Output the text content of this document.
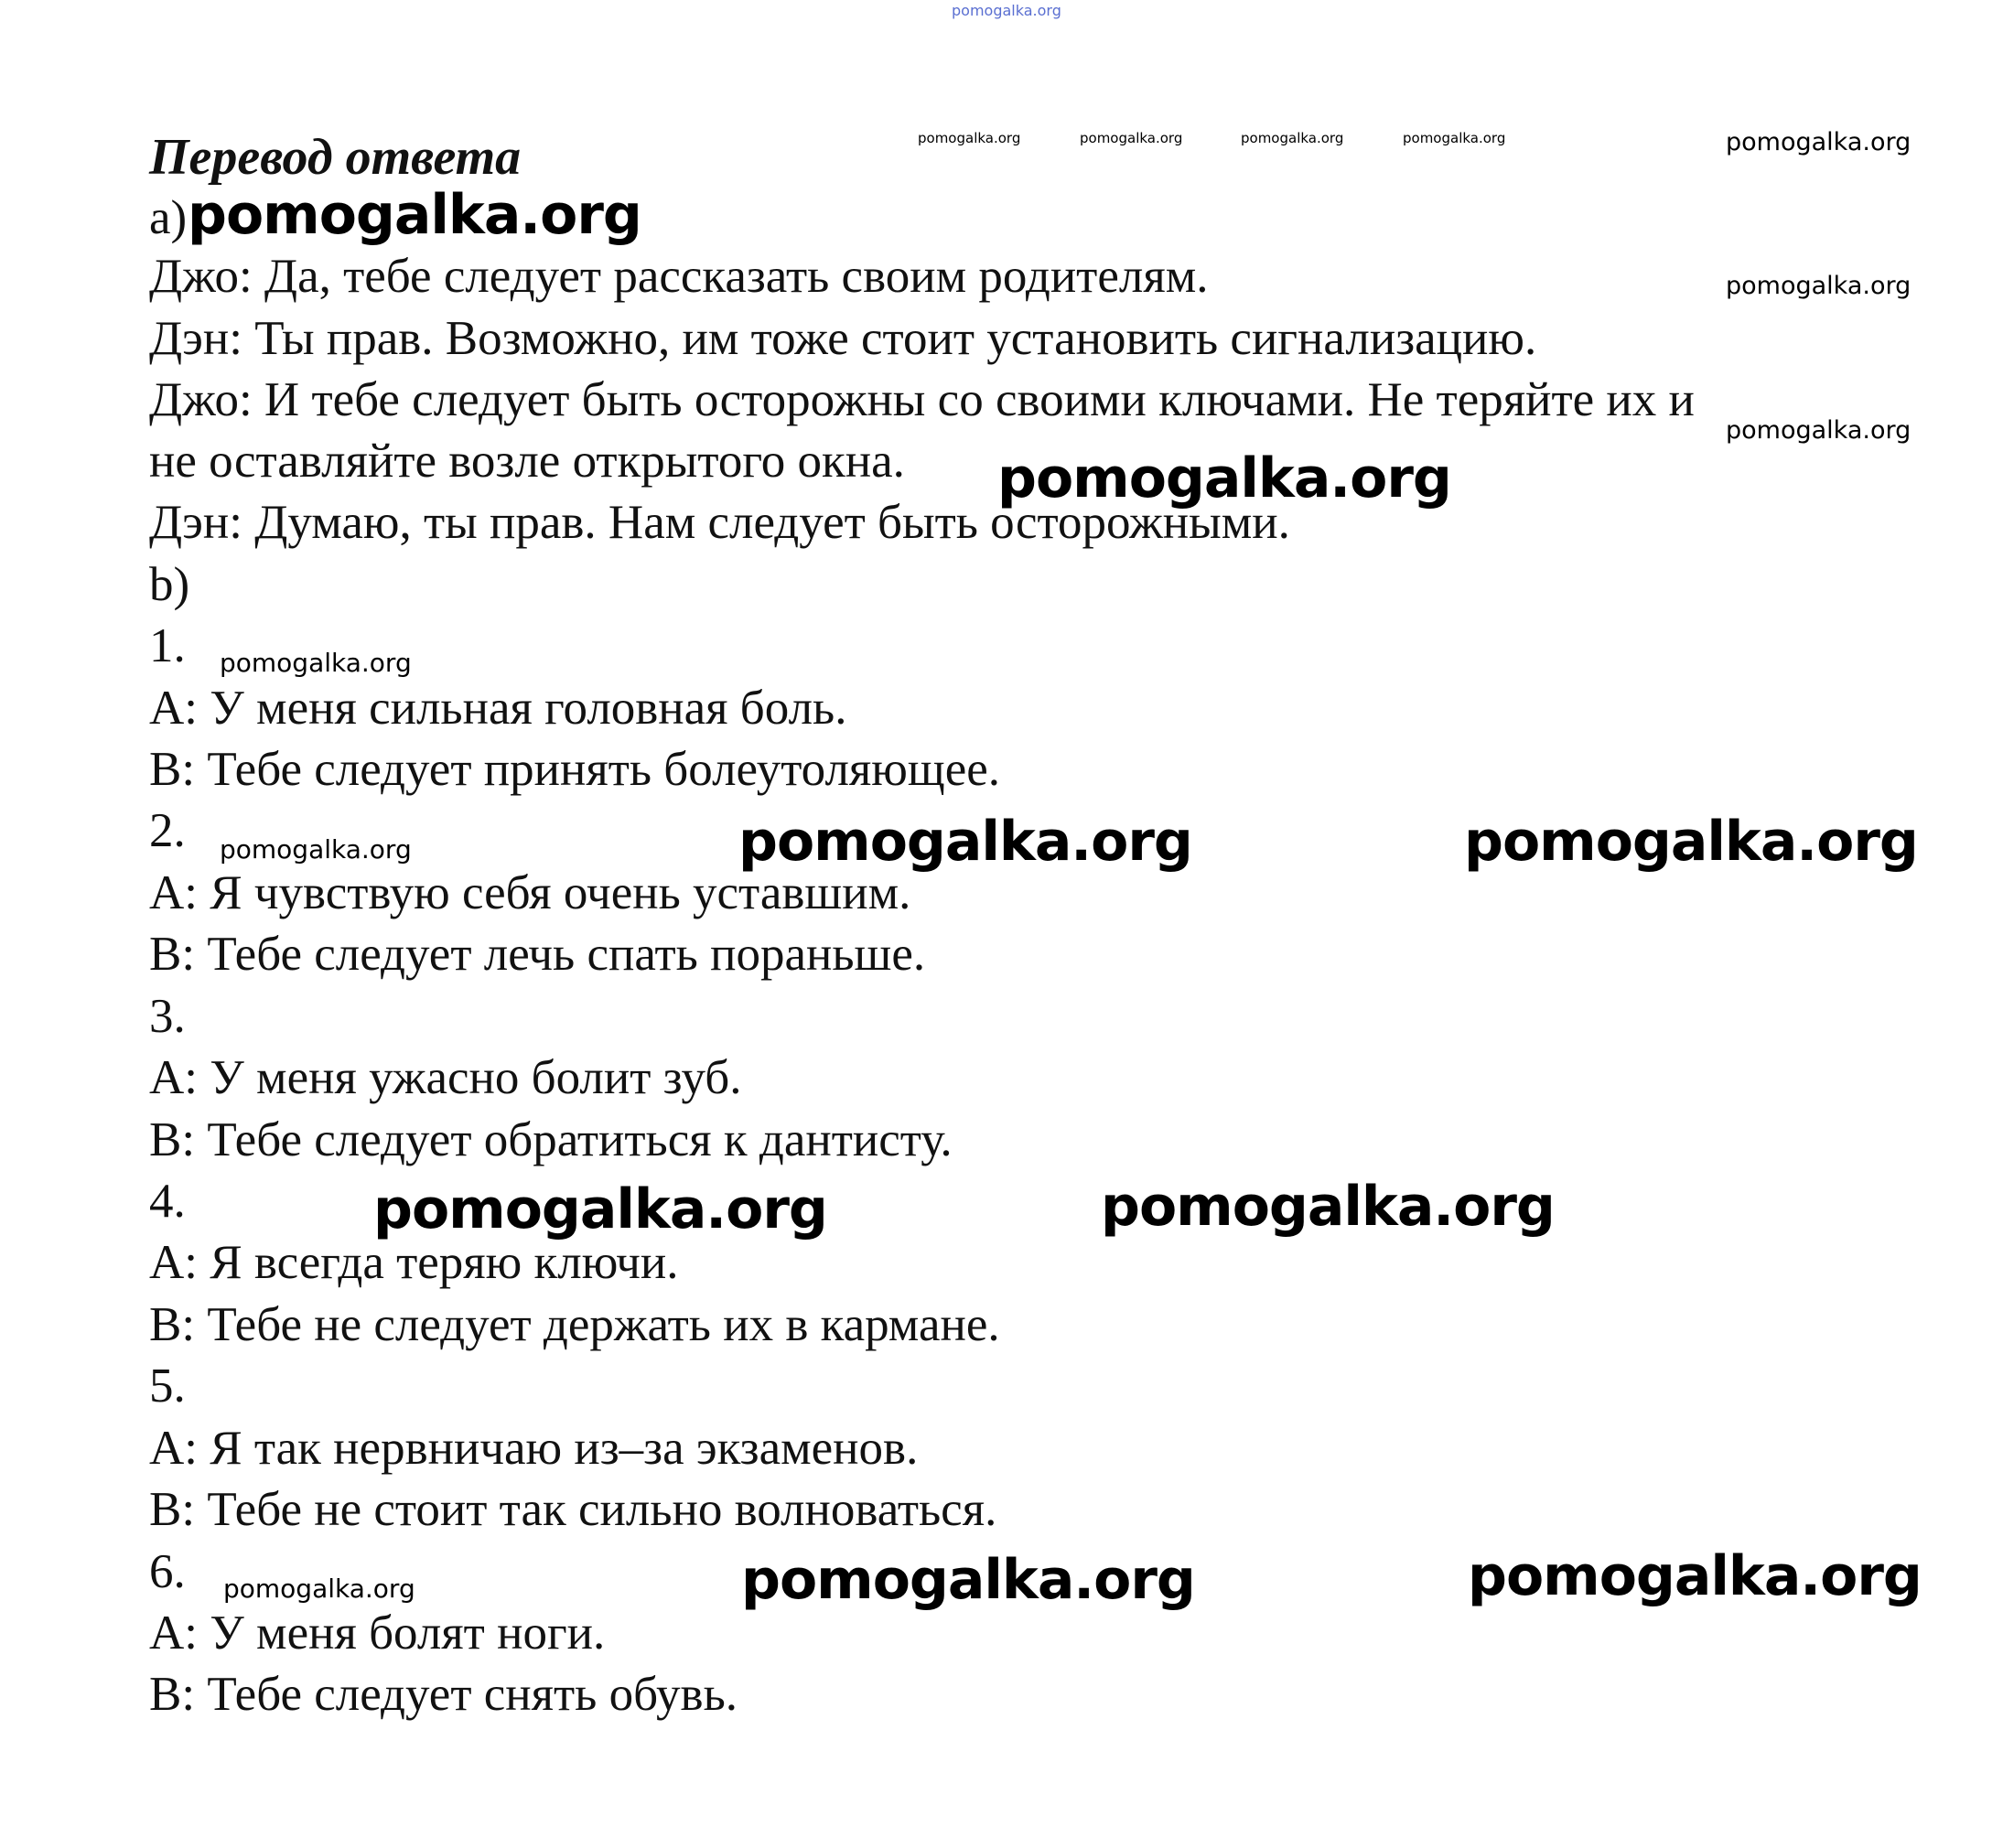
pomogalka.org
Перевод ответа	pomogalka.org	pomogalka.org	pomogalka.org	pomogalka.org	pomogalka.org
a) pomogalka.org
Джо: Да, тебе следует рассказать своим родителям.	pomogalka.org
Дэн: Ты прав. Возможно, им тоже стоит установить сигнализацию.
Джо: И тебе следует быть осторожны со своими ключами. Не теряйте их и
pomogalka.org
не оставляйте возле открытого окна. pomogalka.org
Дэн: Думаю, ты прав. Нам следует быть осторожными.
b)
1. pomogalka.org
A: У меня сильная головная боль.
B: Тебе следует принять болеутоляющее.
2. pomogalka.org	pomogalka.org	pomogalka.org
A: Я чувствую себя очень уставшим.
B: Тебе следует лечь спать пораньше.
3.
A: У меня ужасно болит зуб.
B: Тебе следует обратиться к дантисту.
4.	pomogalka.org	pomogalka.org
A: Я всегда теряю ключи.
B: Тебе не следует держать их в кармане.
5.
A: Я так нервничаю из–за экзаменов.
B: Тебе не стоит так сильно волноваться.
6. pomogalka.org	pomogalka.org	pomogalka.org
A: У меня болят ноги.
B: Тебе следует снять обувь.
